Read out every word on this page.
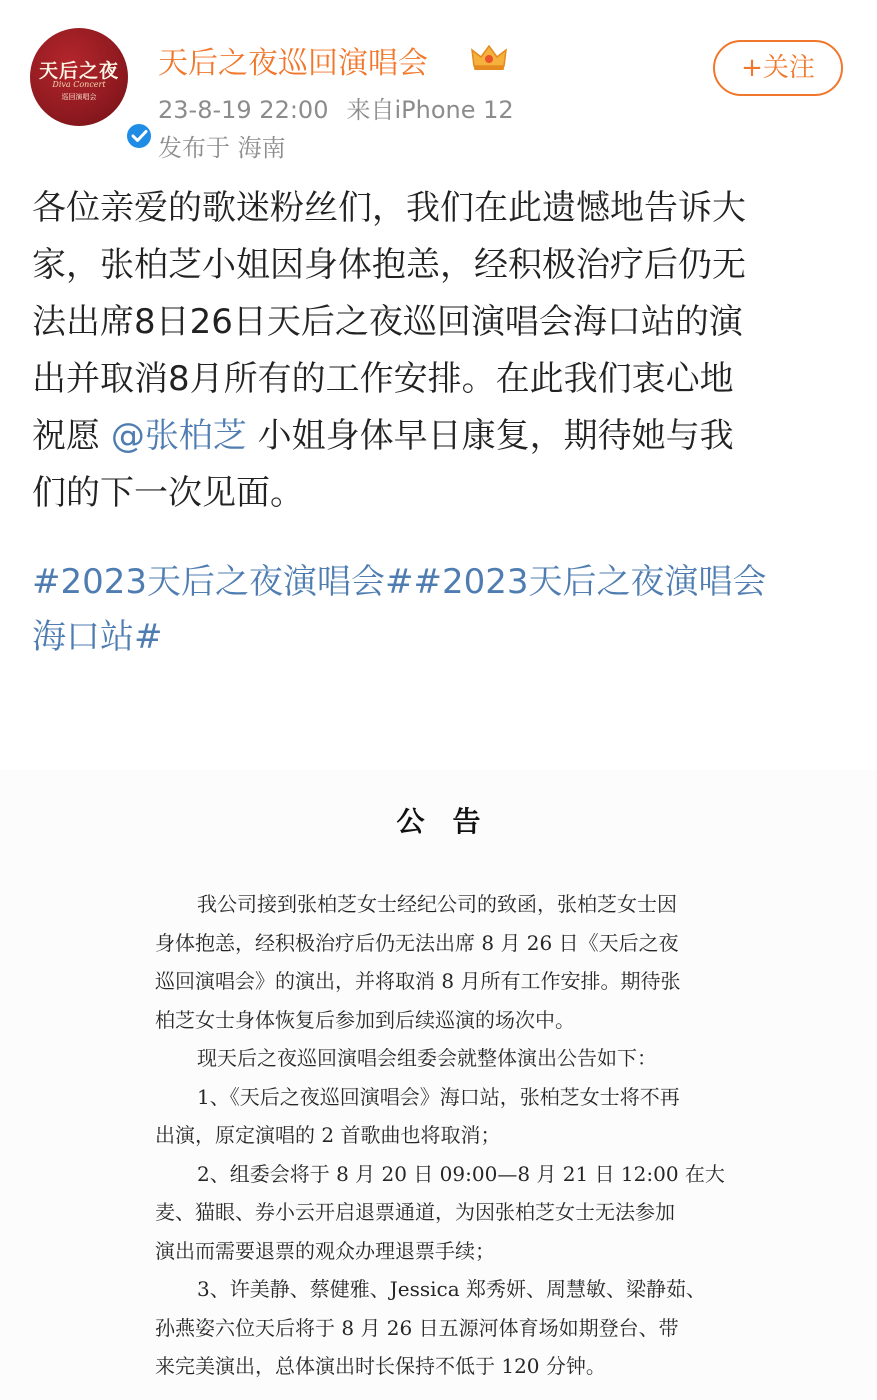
天后之夜
Diva Concert
巡回演唱会
天后之夜巡回演唱会
23-8-19 22:00 来自iPhone 12
发布于 海南
+关注
各位亲爱的歌迷粉丝们，我们在此遗憾地告诉大
家，张柏芝小姐因身体抱恙，经积极治疗后仍无
法出席8日26日天后之夜巡回演唱会海口站的演
出并取消8月所有的工作安排。在此我们衷心地
祝愿 @张柏芝 小姐身体早日康复，期待她与我
们的下一次见面。
#2023天后之夜演唱会##2023天后之夜演唱会
海口站#
公告
我公司接到张柏芝女士经纪公司的致函，张柏芝女士因
身体抱恙，经积极治疗后仍无法出席 8 月 26 日《天后之夜
巡回演唱会》的演出，并将取消 8 月所有工作安排。期待张
柏芝女士身体恢复后参加到后续巡演的场次中。
现天后之夜巡回演唱会组委会就整体演出公告如下：
1、《天后之夜巡回演唱会》海口站，张柏芝女士将不再
出演，原定演唱的 2 首歌曲也将取消；
2、组委会将于 8 月 20 日 09:00—8 月 21 日 12:00 在大
麦、猫眼、券小云开启退票通道，为因张柏芝女士无法参加
演出而需要退票的观众办理退票手续；
3、许美静、蔡健雅、Jessica 郑秀妍、周慧敏、梁静茹、
孙燕姿六位天后将于 8 月 26 日五源河体育场如期登台、带
来完美演出，总体演出时长保持不低于 120 分钟。
